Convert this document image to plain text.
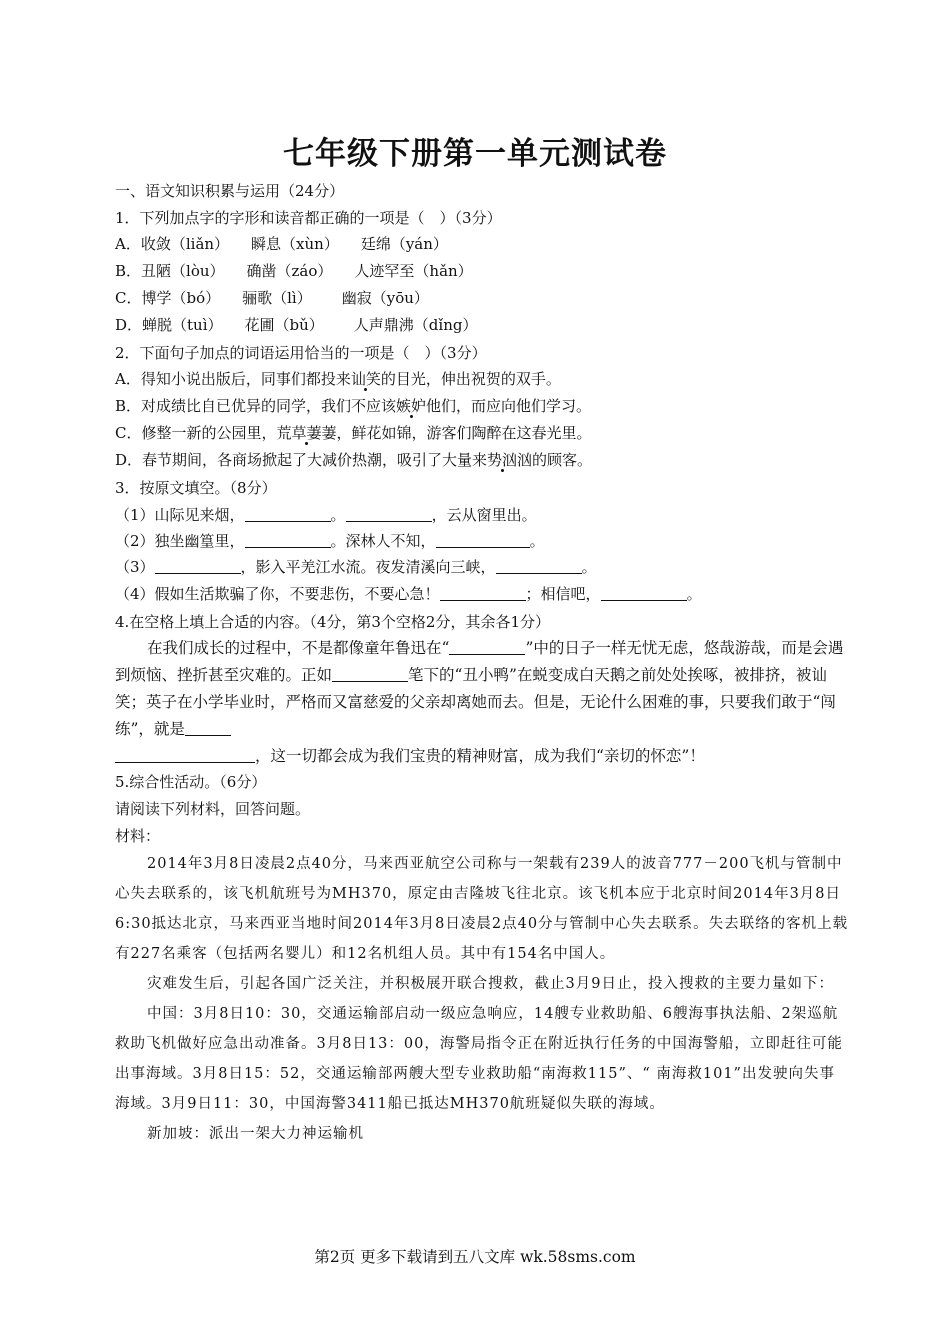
七年级下册第一单元测试卷
一、语文知识积累与运用（24分）
1．下列加点字的字形和读音都正确的一项是（　）（3分）
A．收敛（liǎn） 瞬息（xùn） 廷绵（yán）
B．丑陋（lòu） 确凿（záo） 人迹罕至（hǎn）
C．博学（bó） 骊歌（lì） 幽寂（yōu）
D．蝉脱（tuì） 花圃（bǔ） 人声鼎沸（dǐng）
2．下面句子加点的词语运用恰当的一项是（　）（3分）
A．得知小说出版后，同事们都投来讪笑的目光，伸出祝贺的双手。
B．对成绩比自已优异的同学，我们不应该嫉妒他们，而应向他们学习。
C．修整一新的公园里，荒草萋萋，鲜花如锦，游客们陶醉在这春光里。
D．春节期间，各商场掀起了大减价热潮，吸引了大量来势汹汹的顾客。
3．按原文填空。（8分）
（1）山际见来烟，	。	，云从窗里出。
（2）独坐幽篁里，	。深林人不知，	。
（3）	，影入平羌江水流。夜发清溪向三峡，	。
（4）假如生活欺骗了你，不要悲伤，不要心急！	；相信吧，	。
4.在空格上填上合适的内容。（4分，第3个空格2分，其余各1分）

在我们成长的过程中，不是都像童年鲁迅在“	”中的日子一样无忧无虑，悠哉游哉，而是会遇到烦恼、挫折甚至灾难的。正如	笔下的“丑小鸭”在蜕变成白天鹅之前处处挨啄，被排挤，被讪笑；英子在小学毕业时，严格而又富慈爱的父亲却离她而去。但是，无论什么困难的事，只要我们敢于“闯练”，就是
，这一切都会成为我们宝贵的精神财富，成为我们“亲切的怀恋”！

5.综合性活动。（6分）
请阅读下列材料，回答问题。
材料：

2014年3月8日凌晨2点40分，马来西亚航空公司称与一架载有239人的波音777－200飞机与管制中心失去联系的，该飞机航班号为MH370，原定由吉隆坡飞往北京。该飞机本应于北京时间2014年3月8日6:30抵达北京，马来西亚当地时间2014年3月8日凌晨2点40分与管制中心失去联系。失去联络的客机上载有227名乘客（包括两名婴儿）和12名机组人员。其中有154名中国人。

灾难发生后，引起各国广泛关注，并积极展开联合搜救，截止3月9日止，投入搜救的主要力量如下：

中国：3月8日10：30，交通运输部启动一级应急响应，14艘专业救助船、6艘海事执法船、2架巡航救助飞机做好应急出动准备。3月8日13：00，海警局指令正在附近执行任务的中国海警船，立即赶往可能出事海域。3月8日15：52，交通运输部两艘大型专业救助船“南海救115”、“ 南海救101”出发驶向失事海域。3月9日11：30，中国海警3411船已抵达MH370航班疑似失联的海域。

新加坡：派出一架大力神运输机

第2页 更多下载请到五八文库 wk.58sms.com
